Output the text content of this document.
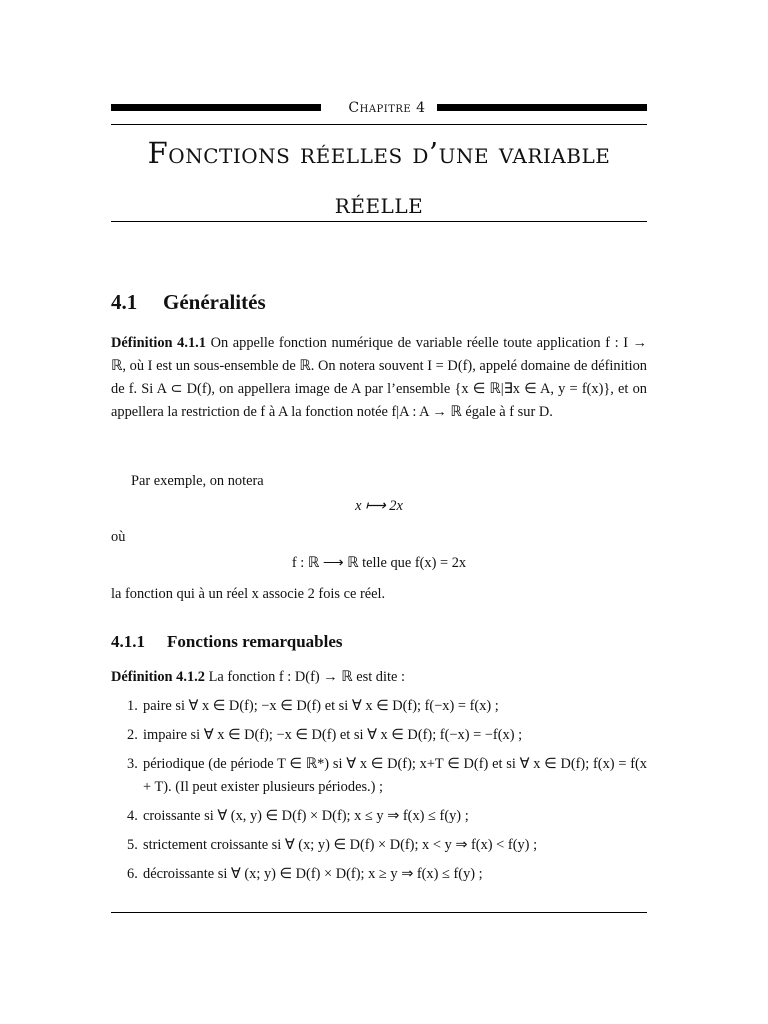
Chapitre 4
Fonctions réelles d’une variable
réelle
4.1 Généralités
Définition 4.1.1 On appelle fonction numérique de variable réelle toute application f : I → ℝ, où I est un sous-ensemble de ℝ. On notera souvent I = D(f), appelé domaine de définition de f. Si A ⊂ D(f), on appellera image de A par l’ensemble {x ∈ ℝ|∃x ∈ A, y = f(x)}, et on appellera la restriction de f à A la fonction notée f|A : A → ℝ égale à f sur D.
Par exemple, on notera
x ⟼ 2x
où
f : ℝ ⟶ ℝ telle que f(x) = 2x
la fonction qui à un réel x associe 2 fois ce réel.
4.1.1 Fonctions remarquables
Définition 4.1.2 La fonction f : D(f) → ℝ est dite :
1. paire si ∀ x ∈ D(f); −x ∈ D(f) et si ∀ x ∈ D(f); f(−x) = f(x) ;
2. impaire si ∀ x ∈ D(f); −x ∈ D(f) et si ∀ x ∈ D(f); f(−x) = −f(x) ;
3. périodique (de période T ∈ ℝ*) si ∀ x ∈ D(f); x+T ∈ D(f) et si ∀ x ∈ D(f); f(x) = f(x + T). (Il peut exister plusieurs périodes.) ;
4. croissante si ∀ (x, y) ∈ D(f) × D(f); x ≤ y ⇒ f(x) ≤ f(y) ;
5. strictement croissante si ∀ (x; y) ∈ D(f) × D(f); x < y ⇒ f(x) < f(y) ;
6. décroissante si ∀ (x; y) ∈ D(f) × D(f); x ≥ y ⇒ f(x) ≤ f(y) ;
